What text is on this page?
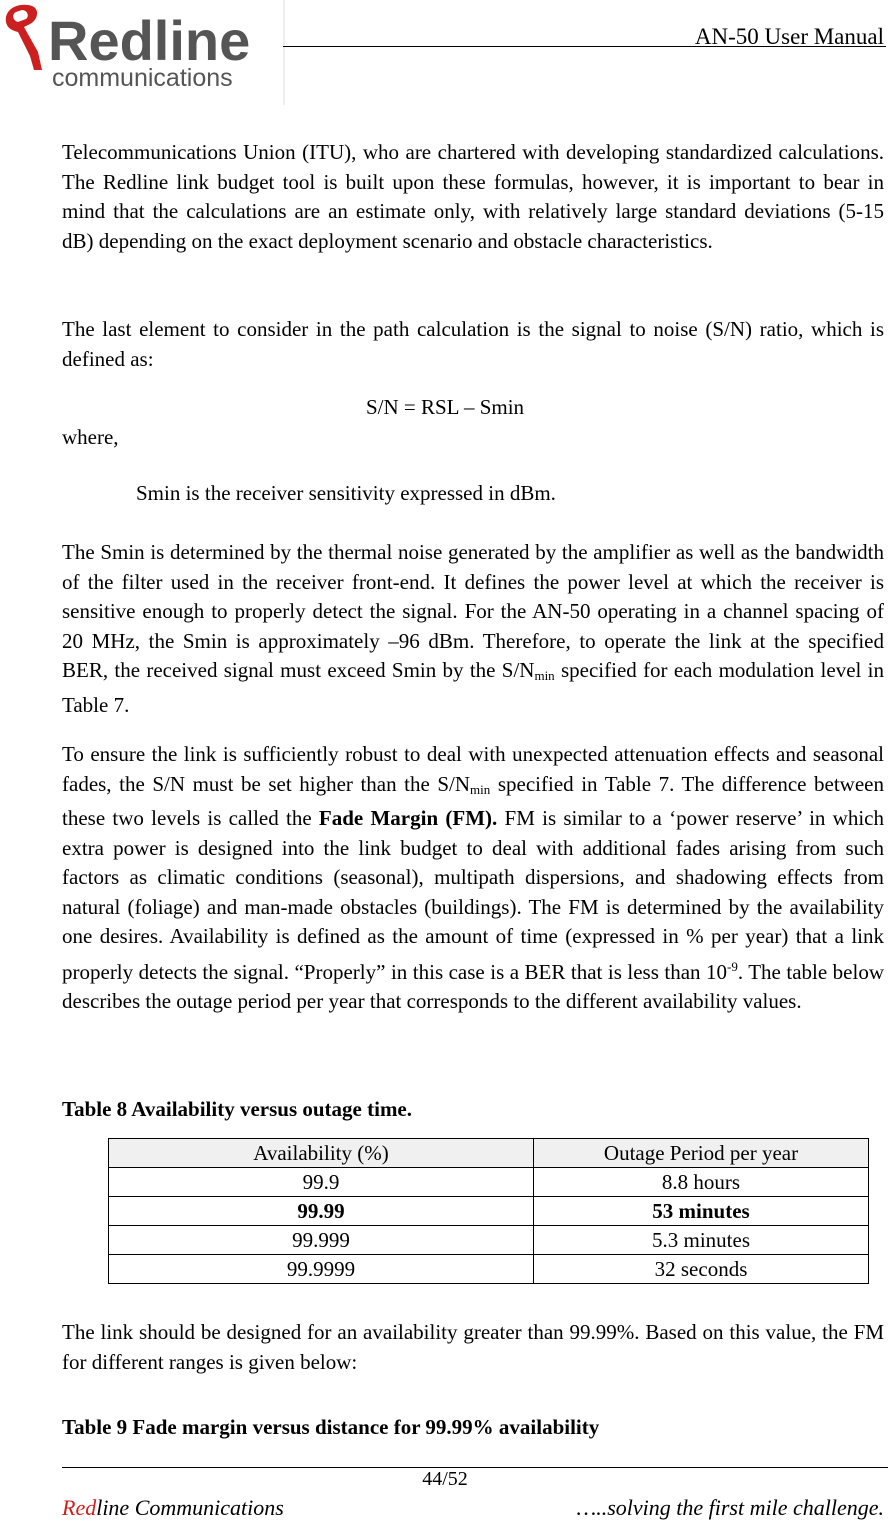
Redline
communications
AN-50 User Manual

Telecommunications Union (ITU), who are chartered with developing standardized calculations. The Redline link budget tool is built upon these formulas, however, it is important to bear in mind that the calculations are an estimate only, with relatively large standard deviations (5-15 dB) depending on the exact deployment scenario and obstacle characteristics.

The last element to consider in the path calculation is the signal to noise (S/N) ratio, which is defined as:

S/N = RSL – Smin
where,
Smin is the receiver sensitivity expressed in dBm.

The Smin is determined by the thermal noise generated by the amplifier as well as the bandwidth of the filter used in the receiver front-end. It defines the power level at which the receiver is sensitive enough to properly detect the signal. For the AN-50 operating in a channel spacing of 20 MHz, the Smin is approximately –96 dBm. Therefore, to operate the link at the specified BER, the received signal must exceed Smin by the $S/N_{min}$ specified for each modulation level in Table 7.

To ensure the link is sufficiently robust to deal with unexpected attenuation effects and seasonal fades, the S/N must be set higher than the $S/N_{min}$ specified in Table 7. The difference between these two levels is called the Fade Margin (FM). FM is similar to a ‘power reserve’ in which extra power is designed into the link budget to deal with additional fades arising from such factors as climatic conditions (seasonal), multipath dispersions, and shadowing effects from natural (foliage) and man-made obstacles (buildings). The FM is determined by the availability one desires. Availability is defined as the amount of time (expressed in % per year) that a link properly detects the signal. “Properly” in this case is a BER that is less than $10^{-9}$. The table below describes the outage period per year that corresponds to the different availability values.

Table 8 Availability versus outage time.
Availability (%)	Outage Period per year
99.9	8.8 hours
99.99	53 minutes
99.999	5.3 minutes
99.9999	32 seconds

The link should be designed for an availability greater than 99.99%. Based on this value, the FM for different ranges is given below:

Table 9 Fade margin versus distance for 99.99% availability
44/52
Redline Communications	…..solving the first mile challenge.
